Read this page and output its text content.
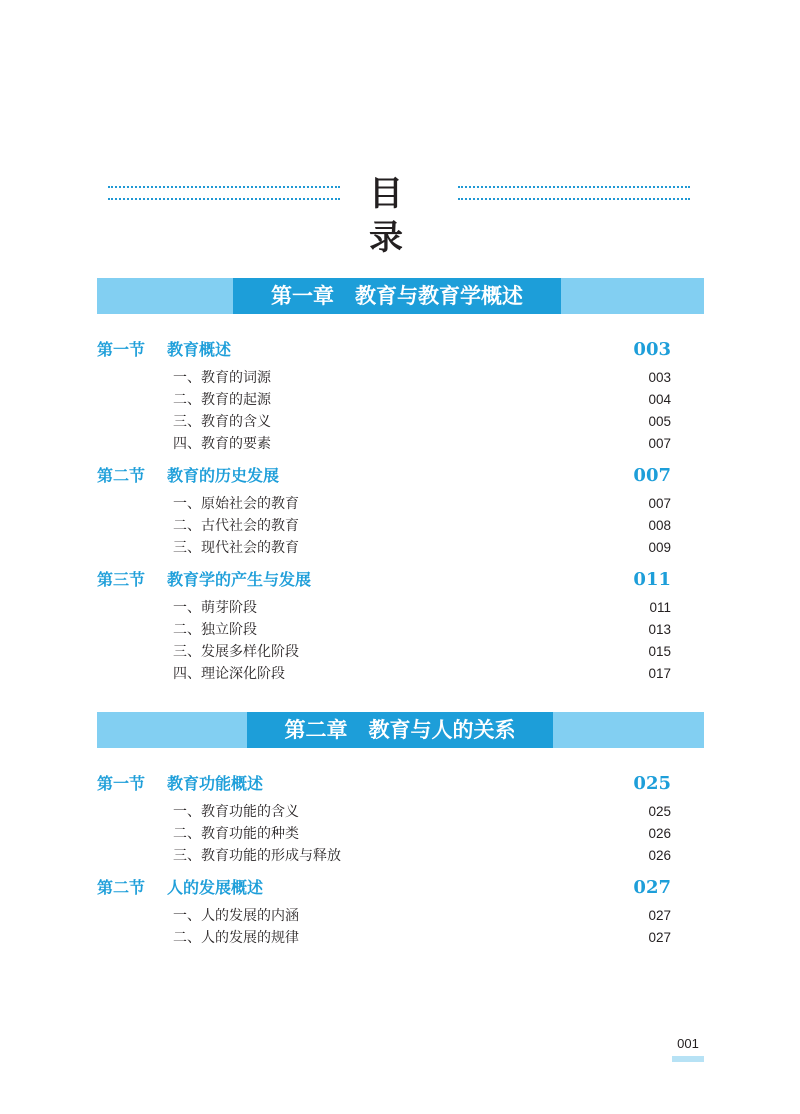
目录
第一章　教育与教育学概述
第一节 教育概述	003
一、教育的词源	003
二、教育的起源	004
三、教育的含义	005
四、教育的要素	007
第二节 教育的历史发展	007
一、原始社会的教育	007
二、古代社会的教育	008
三、现代社会的教育	009
第三节 教育学的产生与发展	011
一、萌芽阶段	011
二、独立阶段	013
三、发展多样化阶段	015
四、理论深化阶段	017
第二章　教育与人的关系
第一节 教育功能概述	025
一、教育功能的含义	025
二、教育功能的种类	026
三、教育功能的形成与释放	026
第二节 人的发展概述	027
一、人的发展的内涵	027
二、人的发展的规律	027
001
